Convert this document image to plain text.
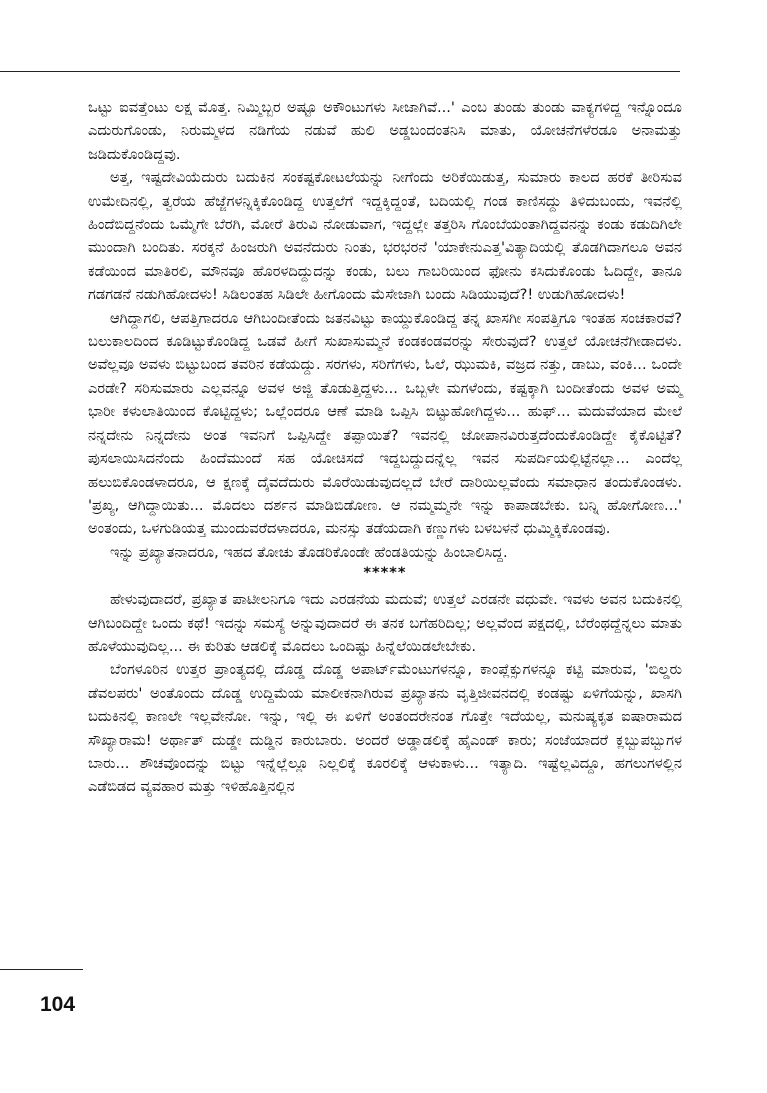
ಒಟ್ಟು ಐವತ್ತೆಂಟು ಲಕ್ಷ ಮೊತ್ತ. ನಿಮ್ಮಿಬ್ಬರ ಅಷ್ಟೂ ಅಕೌಂಟುಗಳು ಸೀಜಾಗಿವೆ...' ಎಂಬ ತುಂಡು ತುಂಡು ವಾಕ್ಯಗಳಿದ್ದ ಇನ್ನೊಂದೂ ಎದುರುಗೊಂಡು, ನಿರುಮ್ಮಳದ ನಡಿಗೆಯ ನಡುವೆ ಹುಲಿ ಅಡ್ಡಬಂದಂತನಿಸಿ ಮಾತು, ಯೋಚನೆಗಳೆರಡೂ ಅನಾಮತ್ತು ಜಡಿದುಕೊಂಡಿದ್ದವು.

ಅತ್ತ, ಇಷ್ಟದೇವಿಯೆದುರು ಬದುಕಿನ ಸಂಕಷ್ಟಕೋಟಲೆಯನ್ನು ನೀಗೆಂದು ಅರಿಕೆಯಿಡುತ್ತ, ಸುಮಾರು ಕಾಲದ ಹರಕೆ ತೀರಿಸುವ ಉಮೇದಿನಲ್ಲಿ, ತ್ವರೆಯ ಹೆಜ್ಜೆಗಳನ್ನಿಕ್ಕಿಕೊಂಡಿದ್ದ ಉತ್ತಲೆಗೆ ಇದ್ದಕ್ಕಿದ್ದಂತೆ, ಬದಿಯಲ್ಲಿ ಗಂಡ ಕಾಣಿಸದ್ದು ತಿಳಿದುಬಂದು, ಇವನೆಲ್ಲಿ ಹಿಂದೆಬಿದ್ದನೆಂದು ಒಮ್ಮೆಗೇ ಬೆರಗಿ, ಮೋರೆ ತಿರುವಿ ನೋಡುವಾಗ, ಇದ್ದಲ್ಲೇ ತತ್ತರಿಸಿ ಗೊಂಬೆಯಂತಾಗಿದ್ದವನನ್ನು ಕಂಡು ಕಡುದಿಗಿಲೇ ಮುಂದಾಗಿ ಬಂದಿತು. ಸರಕ್ಕನೆ ಹಿಂಜರುಗಿ ಅವನೆದುರು ನಿಂತು, ಭರಭರನೆ 'ಯಾಕೇನುಎತ್ತ'ವಿತ್ಯಾದಿಯಲ್ಲಿ ತೊಡಗಿದಾಗಲೂ ಅವನ ಕಡೆಯಿಂದ ಮಾತಿರಲಿ, ಮೌನವೂ ಹೊರಳದಿದ್ದುದನ್ನು ಕಂಡು, ಬಲು ಗಾಬರಿಯಿಂದ ಫೋನು ಕಸಿದುಕೊಂಡು ಓದಿದ್ದೇ, ತಾನೂ ಗಡಗಡನೆ ನಡುಗಿಹೋದಳು! ಸಿಡಿಲಂತಹ ಸಿಡಿಲೇ ಹೀಗೊಂದು ಮೆಸೇಜಾಗಿ ಬಂದು ಸಿಡಿಯುವುದೆ?! ಉಡುಗಿಹೋದಳು!

ಆಗಿದ್ದಾಗಲಿ, ಆಪತ್ತಿಗಾದರೂ ಆಗಿಬಂದೀತೆಂದು ಜತನವಿಟ್ಟು ಕಾಯ್ದುಕೊಂಡಿದ್ದ ತನ್ನ ಖಾಸಗೀ ಸಂಪತ್ತಿಗೂ ಇಂತಹ ಸಂಚಕಾರವೆ? ಬಲುಕಾಲದಿಂದ ಕೂಡಿಟ್ಟುಕೊಂಡಿದ್ದ ಒಡವೆ ಹೀಗೆ ಸುಖಾಸುಮ್ಮನೆ ಕಂಡಕಂಡವರನ್ನು ಸೇರುವುದೆ? ಉತ್ತಲೆ ಯೋಚನೆಗೀಡಾದಳು. ಅವೆಲ್ಲವೂ ಅವಳು ಬಿಟ್ಟುಬಂದ ತವರಿನ ಕಡೆಯದ್ದು. ಸರಗಳು, ಸರಿಗೆಗಳು, ಓಲೆ, ಝುಮಕಿ, ವಜ್ರದ ನತ್ತು, ಡಾಬು, ವಂಕಿ... ಒಂದೇ ಎರಡೇ? ಸರಿಸುಮಾರು ಎಲ್ಲವನ್ನೂ ಅವಳ ಅಜ್ಜಿ ತೊಡುತ್ತಿದ್ದಳು... ಒಬ್ಬಳೇ ಮಗಳೆಂದು, ಕಷ್ಟಕ್ಕಾಗಿ ಬಂದೀತೆಂದು ಅವಳ ಅಮ್ಮ ಭಾರೀ ಕಳುಲಾತಿಯಿಂದ ಕೊಟ್ಟಿದ್ದಳು; ಒಲ್ಲೆಂದರೂ ಆಣೆ ಮಾಡಿ ಒಪ್ಪಿಸಿ ಬಿಟ್ಟುಹೋಗಿದ್ದಳು... ಹುಫ್... ಮದುವೆಯಾದ ಮೇಲೆ ನನ್ನದೇನು ನಿನ್ನದೇನು ಅಂತ ಇವನಿಗೆ ಒಪ್ಪಿಸಿದ್ದೇ ತಪ್ಪಾಯಿತೆ? ಇವನಲ್ಲಿ ಜೋಪಾನವಿರುತ್ತದೆಂದುಕೊಂಡಿದ್ದೇ ಕೈಕೊಟ್ಟಿತೆ? ಪುಸಲಾಯಿಸಿದನೆಂದು ಹಿಂದೆಮುಂದೆ ಸಹ ಯೋಚಿಸದೆ ಇದ್ದಬದ್ದುದನ್ನೆಲ್ಲ ಇವನ ಸುಪರ್ದಿಯಲ್ಲಿಟ್ಟೆನಲ್ಲಾ... ಎಂದೆಲ್ಲ ಹಲುಬಿಕೊಂಡಳಾದರೂ, ಆ ಕ್ಷಣಕ್ಕೆ ದೈವದೆದುರು ಮೊರೆಯಿಡುವುದಲ್ಲದೆ ಬೇರೆ ದಾರಿಯಿಲ್ಲವೆಂದು ಸಮಾಧಾನ ತಂದುಕೊಂಡಳು. 'ಪ್ರಖ್ಯ, ಆಗಿದ್ದಾಯಿತು... ಮೊದಲು ದರ್ಶನ ಮಾಡಿಬಿಡೋಣ. ಆ ನಮ್ಮಮ್ಮನೇ ಇನ್ನು ಕಾಪಾಡಬೇಕು. ಬನ್ನಿ ಹೋಗೋಣ...' ಅಂತಂದು, ಒಳಗುಡಿಯತ್ತ ಮುಂದುವರೆದಳಾದರೂ, ಮನಸ್ಸು ತಡೆಯದಾಗಿ ಕಣ್ಣುಗಳು ಬಳಬಳನೆ ಧುಮ್ಮಿಕ್ಕಿಕೊಂಡವು.

ಇನ್ನು ಪ್ರಖ್ಯಾತನಾದರೂ, ಇಹದ ತೋಚು ತೊಡರಿಕೊಂಡೇ ಹೆಂಡತಿಯನ್ನು ಹಿಂಬಾಲಿಸಿದ್ದ.

*****

ಹೇಳುವುದಾದರೆ, ಪ್ರಖ್ಯಾತ ಪಾಟೀಲನಿಗೂ ಇದು ಎರಡನೆಯ ಮದುವೆ; ಉತ್ತಲೆ ಎರಡನೇ ವಧುವೇ. ಇವಳು ಅವನ ಬದುಕಿನಲ್ಲಿ ಆಗಿಬಂದಿದ್ದೇ ಒಂದು ಕಥೆ! ಇದನ್ನು ಸಮಸ್ಯೆ ಅನ್ನುವುದಾದರೆ ಈ ತನಕ ಬಗೆಹರಿದಿಲ್ಲ; ಅಲ್ಲವೆಂದ ಪಕ್ಷದಲ್ಲಿ, ಬೆರೆಂಥದ್ದೆನ್ನಲು ಮಾತು ಹೊಳೆಯುವುದಿಲ್ಲ... ಈ ಕುರಿತು ಆಡಲಿಕ್ಕೆ ಮೊದಲು ಒಂದಿಷ್ಟು ಹಿನ್ನೆಲೆಯಿಡಲೇಬೇಕು.

ಬೆಂಗಳೂರಿನ ಉತ್ತರ ಪ್ರಾಂತ್ಯದಲ್ಲಿ ದೊಡ್ಡ ದೊಡ್ಡ ಅಪಾರ್ಟ್‌ಮೆಂಟುಗಳನ್ನೂ, ಕಾಂಪ್ಲೆಕ್ಸುಗಳನ್ನೂ ಕಟ್ಟಿ ಮಾರುವ, 'ಬಿಲ್ಡರು ಡೆವಲಪರು' ಅಂತೊಂದು ದೊಡ್ಡ ಉದ್ದಿಮೆಯ ಮಾಲೀಕನಾಗಿರುವ ಪ್ರಖ್ಯಾತನು ವೃತ್ತಿಜೀವನದಲ್ಲಿ ಕಂಡಷ್ಟು ಏಳಿಗೆಯನ್ನು, ಖಾಸಗಿ ಬದುಕಿನಲ್ಲಿ ಕಾಣಲೇ ಇಲ್ಲವೇನೋ. ಇನ್ನು, ಇಲ್ಲಿ ಈ ಏಳಿಗೆ ಅಂತಂದರೇನಂತ ಗೊತ್ತೇ ಇದೆಯಲ್ಲ, ಮನುಷ್ಯಕೃತ ಐಷಾರಾಮದ ಸೌಖ್ಯಾರಾಮ! ಅರ್ಥಾತ್ ದುಡ್ಡೇ ದುಡ್ಡಿನ ಕಾರುಬಾರು. ಅಂದರೆ ಅಡ್ಡಾಡಲಿಕ್ಕೆ ಹೈಎಂಡ್ ಕಾರು; ಸಂಜೆಯಾದರೆ ಕ್ಲಬ್ಬುಪಬ್ಬುಗಳ ಬಾರು... ಶೌಚವೊಂದನ್ನು ಬಿಟ್ಟು ಇನ್ನೆಲ್ಲೆಲ್ಲೂ ನಿಲ್ಲಲಿಕ್ಕೆ ಕೂರಲಿಕ್ಕೆ ಆಳುಕಾಳು... ಇತ್ಯಾದಿ. ಇಷ್ಟೆಲ್ಲವಿದ್ದೂ, ಹಗಲುಗಳಲ್ಲಿನ ಎಡೆಬಿಡದ ವ್ಯವಹಾರ ಮತ್ತು ಇಳಿಹೊತ್ತಿನಲ್ಲಿನ

104
